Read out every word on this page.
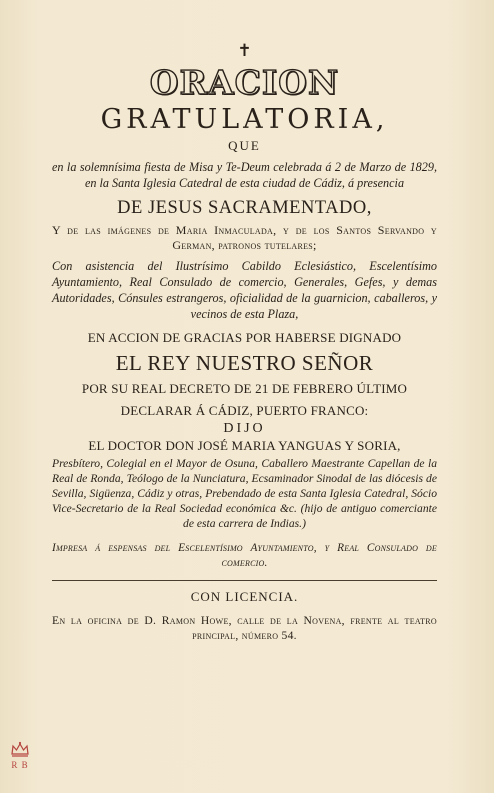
✝
ORACION
GRATULATORIA,
QUE
en la solemnísima fiesta de Misa y Te-Deum celebrada á 2 de Marzo de 1829, en la Santa Iglesia Catedral de esta ciudad de Cádiz, á presencia
DE JESUS SACRAMENTADO,
Y de las imágenes de Maria Inmaculada, y de los Santos Servando y German, patronos tutelares;
Con asistencia del Ilustrísimo Cabildo Eclesiástico, Escelentísimo Ayuntamiento, Real Consulado de comercio, Generales, Gefes, y demas Autoridades, Cónsules estrangeros, oficialidad de la guarnicion, caballeros, y vecinos de esta Plaza,
EN ACCION DE GRACIAS POR HABERSE DIGNADO
EL REY NUESTRO SEÑOR
POR SU REAL DECRETO DE 21 DE FEBRERO ÚLTIMO
DECLARAR Á CÁDIZ, PUERTO FRANCO:
DIJO
EL DOCTOR DON JOSÉ MARIA YANGUAS Y SORIA,
Presbítero, Colegial en el Mayor de Osuna, Caballero Maestrante Capellan de la Real de Ronda, Teólogo de la Nunciatura, Ecsaminador Sinodal de las diócesis de Sevilla, Sigüenza, Cádiz y otras, Prebendado de esta Santa Iglesia Catedral, Sócio Vice-Secretario de la Real Sociedad económica &c. (hijo de antiguo comerciante de esta carrera de Indias.)
Impresa á espensas del Escelentísimo Ayuntamiento, y Real Consulado de comercio.
CON LICENCIA.
En la oficina de D. Ramon Howe, calle de la Novena, frente al teatro principal, número 54.
R B
